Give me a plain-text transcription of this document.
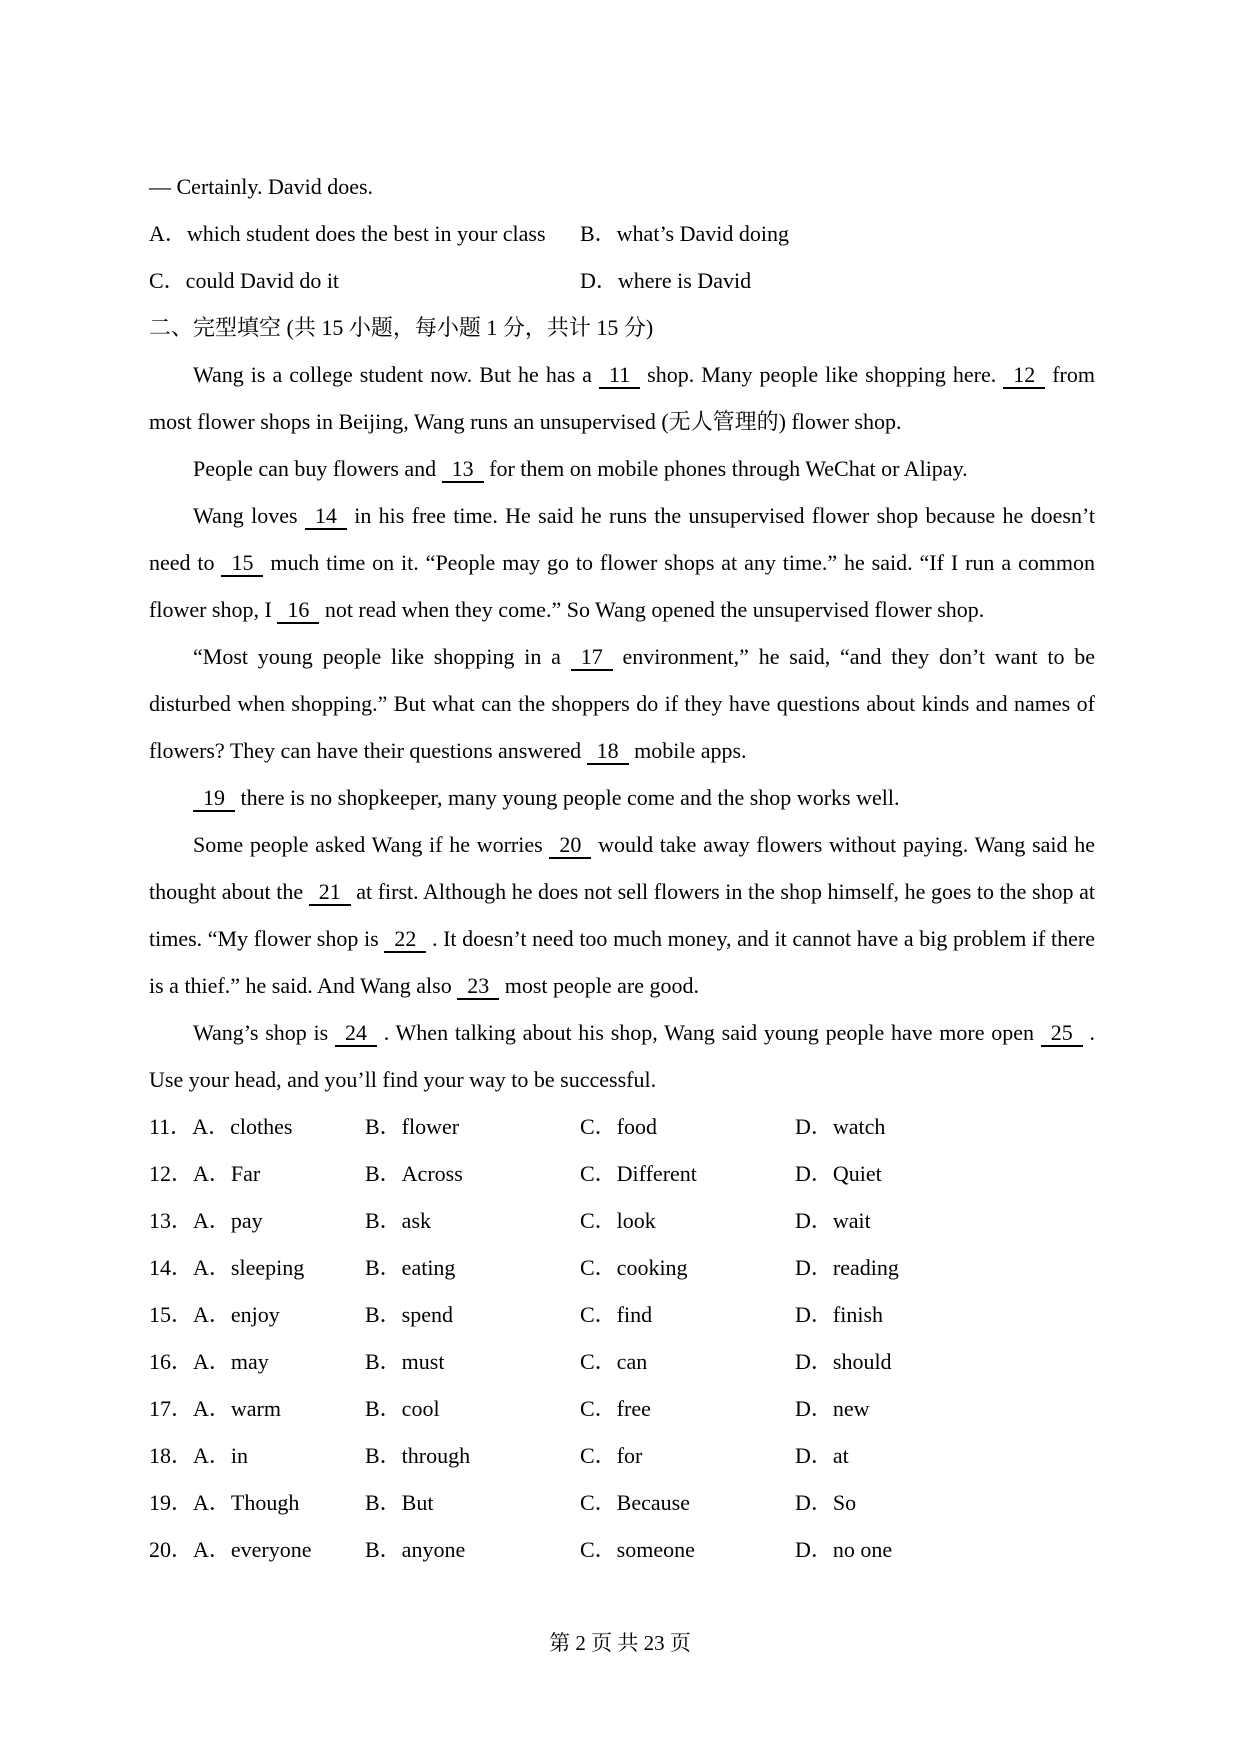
— Certainly. David does.
A．which student does the best in your class	B．what’s David doing
C．could David do it	D．where is David
二、完型填空 (共 15 小题，每小题 1 分，共计 15 分)
Wang is a college student now. But he has a 11 shop. Many people like shopping here. 12 from most flower shops in Beijing, Wang runs an unsupervised (无人管理的) flower shop.
People can buy flowers and 13 for them on mobile phones through WeChat or Alipay.
Wang loves 14 in his free time. He said he runs the unsupervised flower shop because he doesn’t need to 15 much time on it. “People may go to flower shops at any time.” he said. “If I run a common flower shop, I 16 not read when they come.” So Wang opened the unsupervised flower shop.
“Most young people like shopping in a 17 environment,” he said, “and they don’t want to be disturbed when shopping.” But what can the shoppers do if they have questions about kinds and names of flowers? They can have their questions answered 18 mobile apps.
19 there is no shopkeeper, many young people come and the shop works well.
Some people asked Wang if he worries 20 would take away flowers without paying. Wang said he thought about the 21 at first. Although he does not sell flowers in the shop himself, he goes to the shop at times. “My flower shop is 22 . It doesn’t need too much money, and it cannot have a big problem if there is a thief.” he said. And Wang also 23 most people are good.
Wang’s shop is 24 . When talking about his shop, Wang said young people have more open 25 . Use your head, and you’ll find your way to be successful.
11．A．clothes	B．flower	C．food	D．watch
12．A．Far	B．Across	C．Different	D．Quiet
13．A．pay	B．ask	C．look	D．wait
14．A．sleeping	B．eating	C．cooking	D．reading
15．A．enjoy	B．spend	C．find	D．finish
16．A．may	B．must	C．can	D．should
17．A．warm	B．cool	C．free	D．new
18．A．in	B．through	C．for	D．at
19．A．Though	B．But	C．Because	D．So
20．A．everyone	B．anyone	C．someone	D．no one
第 2 页 共 23 页
